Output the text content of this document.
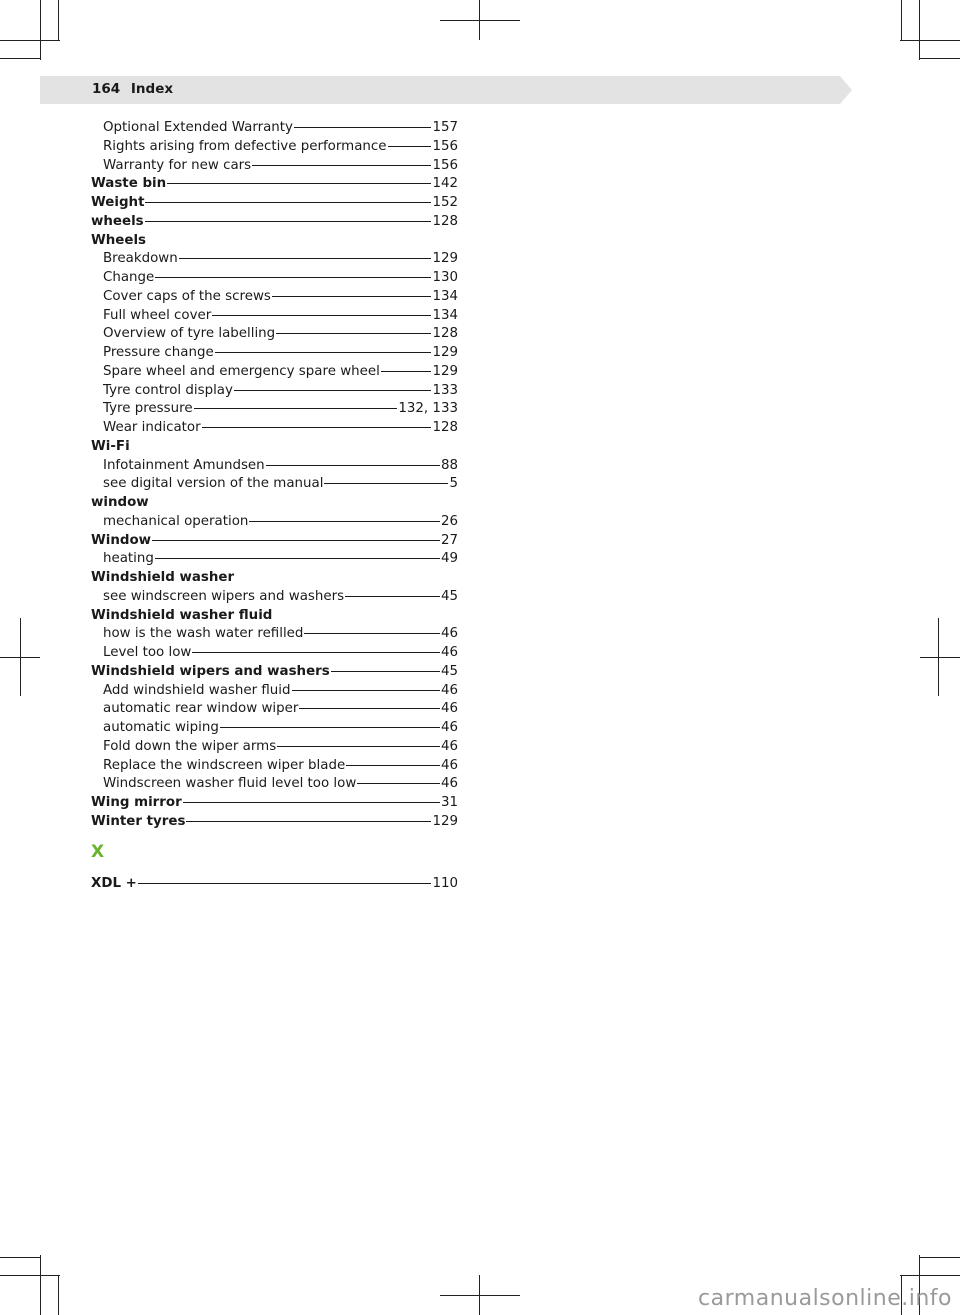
164 Index
Optional Extended Warranty	157
Rights arising from defective performance	156
Warranty for new cars	156
Waste bin	142
Weight	152
wheels	128
Wheels
Breakdown	129
Change	130
Cover caps of the screws	134
Full wheel cover	134
Overview of tyre labelling	128
Pressure change	129
Spare wheel and emergency spare wheel	129
Tyre control display	133
Tyre pressure	132, 133
Wear indicator	128
Wi-Fi
Infotainment Amundsen	88
see digital version of the manual	5
window
mechanical operation	26
Window	27
heating	49
Windshield washer
see windscreen wipers and washers	45
Windshield washer fluid
how is the wash water refilled	46
Level too low	46
Windshield wipers and washers	45
Add windshield washer fluid	46
automatic rear window wiper	46
automatic wiping	46
Fold down the wiper arms	46
Replace the windscreen wiper blade	46
Windscreen washer fluid level too low	46
Wing mirror	31
Winter tyres	129
X
XDL +	110
carmanualsonline.info
